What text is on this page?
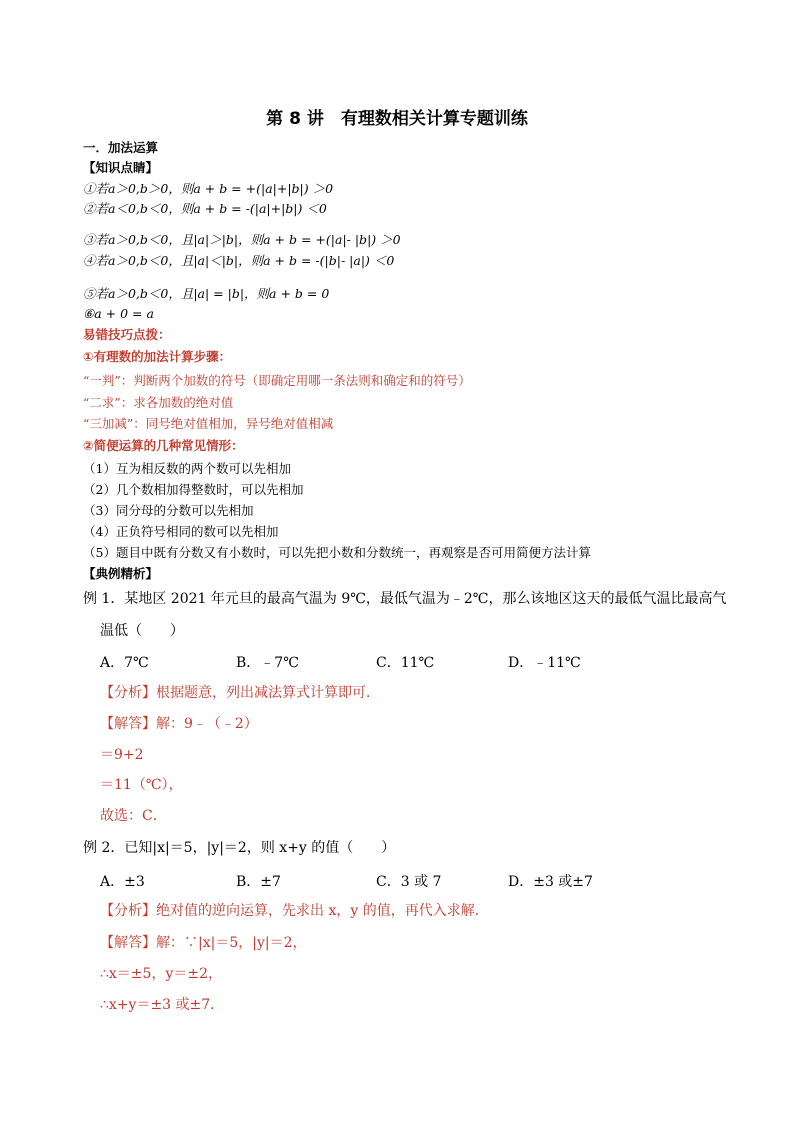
第 8 讲　有理数相关计算专题训练
一．加法运算
【知识点睛】
①若a＞0,b＞0，则a + b = +(|a|+|b|) ＞0
②若a＜0,b＜0，则a + b = -(|a|+|b|) ＜0
③若a＞0,b＜0，且|a|＞|b|，则a + b = +(|a|- |b|) ＞0
④若a＞0,b＜0，且|a|＜|b|，则a + b = -(|b|- |a|) ＜0
⑤若a＞0,b＜0，且|a| = |b|，则a + b = 0
⑥a + 0 = a
易错技巧点拨：
①有理数的加法计算步骤：
“一判”：判断两个加数的符号（即确定用哪一条法则和确定和的符号）
“二求”：求各加数的绝对值
“三加减”：同号绝对值相加，异号绝对值相减
②简便运算的几种常见情形：
（1）互为相反数的两个数可以先相加
（2）几个数相加得整数时，可以先相加
（3）同分母的分数可以先相加
（4）正负符号相同的数可以先相加
（5）题目中既有分数又有小数时，可以先把小数和分数统一，再观察是否可用简便方法计算
【典例精析】
例 1．某地区 2021 年元旦的最高气温为 9℃，最低气温为﹣2℃，那么该地区这天的最低气温比最高气
温低（　　）
A．7℃	B．﹣7℃	C．11℃	D．﹣11℃
【分析】根据题意，列出减法算式计算即可．
【解答】解：9﹣（﹣2）
＝9+2
＝11（℃），
故选：C．
例 2．已知|x|＝5，|y|＝2，则 x+y 的值（　　）
A．±3	B．±7	C．3 或 7	D．±3 或±7
【分析】绝对值的逆向运算，先求出 x，y 的值，再代入求解．
【解答】解：∵|x|＝5，|y|＝2，
∴x＝±5，y＝±2，
∴x+y＝±3 或±7．
